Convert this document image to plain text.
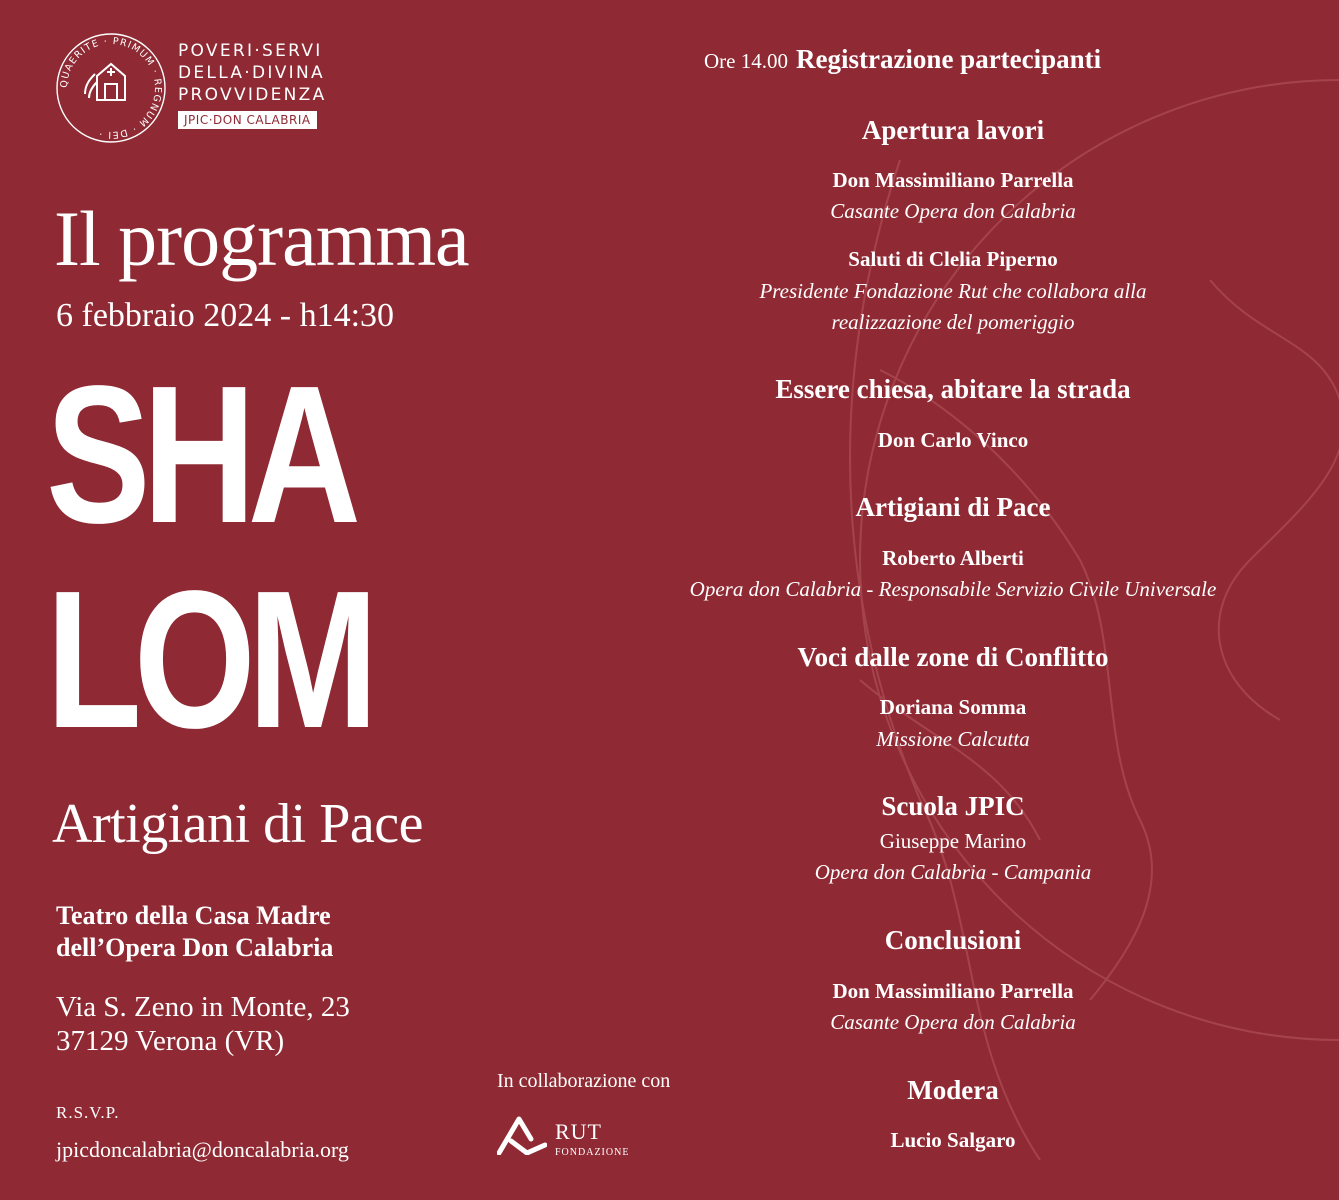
QUAERITE · PRIMUM · REGNUM · DEI ·
POVERI·SERVI
DELLA·DIVINA
PROVVIDENZA
JPIC·DON CALABRIA
Il programma
6 febbraio 2024 - h14:30
SHA
LOM
Artigiani di Pace
Teatro della Casa Madre
dell’Opera Don Calabria
Via S. Zeno in Monte, 23
37129 Verona (VR)
R.S.V.P.
jpicdoncalabria@doncalabria.org
In collaborazione con
RUT
FONDAZIONE
Ore 14.00 Registrazione partecipanti
Apertura lavori
Don Massimiliano Parrella
Casante Opera don Calabria
Saluti di Clelia Piperno
Presidente Fondazione Rut che collabora alla
realizzazione del pomeriggio
Essere chiesa, abitare la strada
Don Carlo Vinco
Artigiani di Pace
Roberto Alberti
Opera don Calabria - Responsabile Servizio Civile Universale
Voci dalle zone di Conflitto
Doriana Somma
Missione Calcutta
Scuola JPIC
Giuseppe Marino
Opera don Calabria - Campania
Conclusioni
Don Massimiliano Parrella
Casante Opera don Calabria
Modera
Lucio Salgaro
